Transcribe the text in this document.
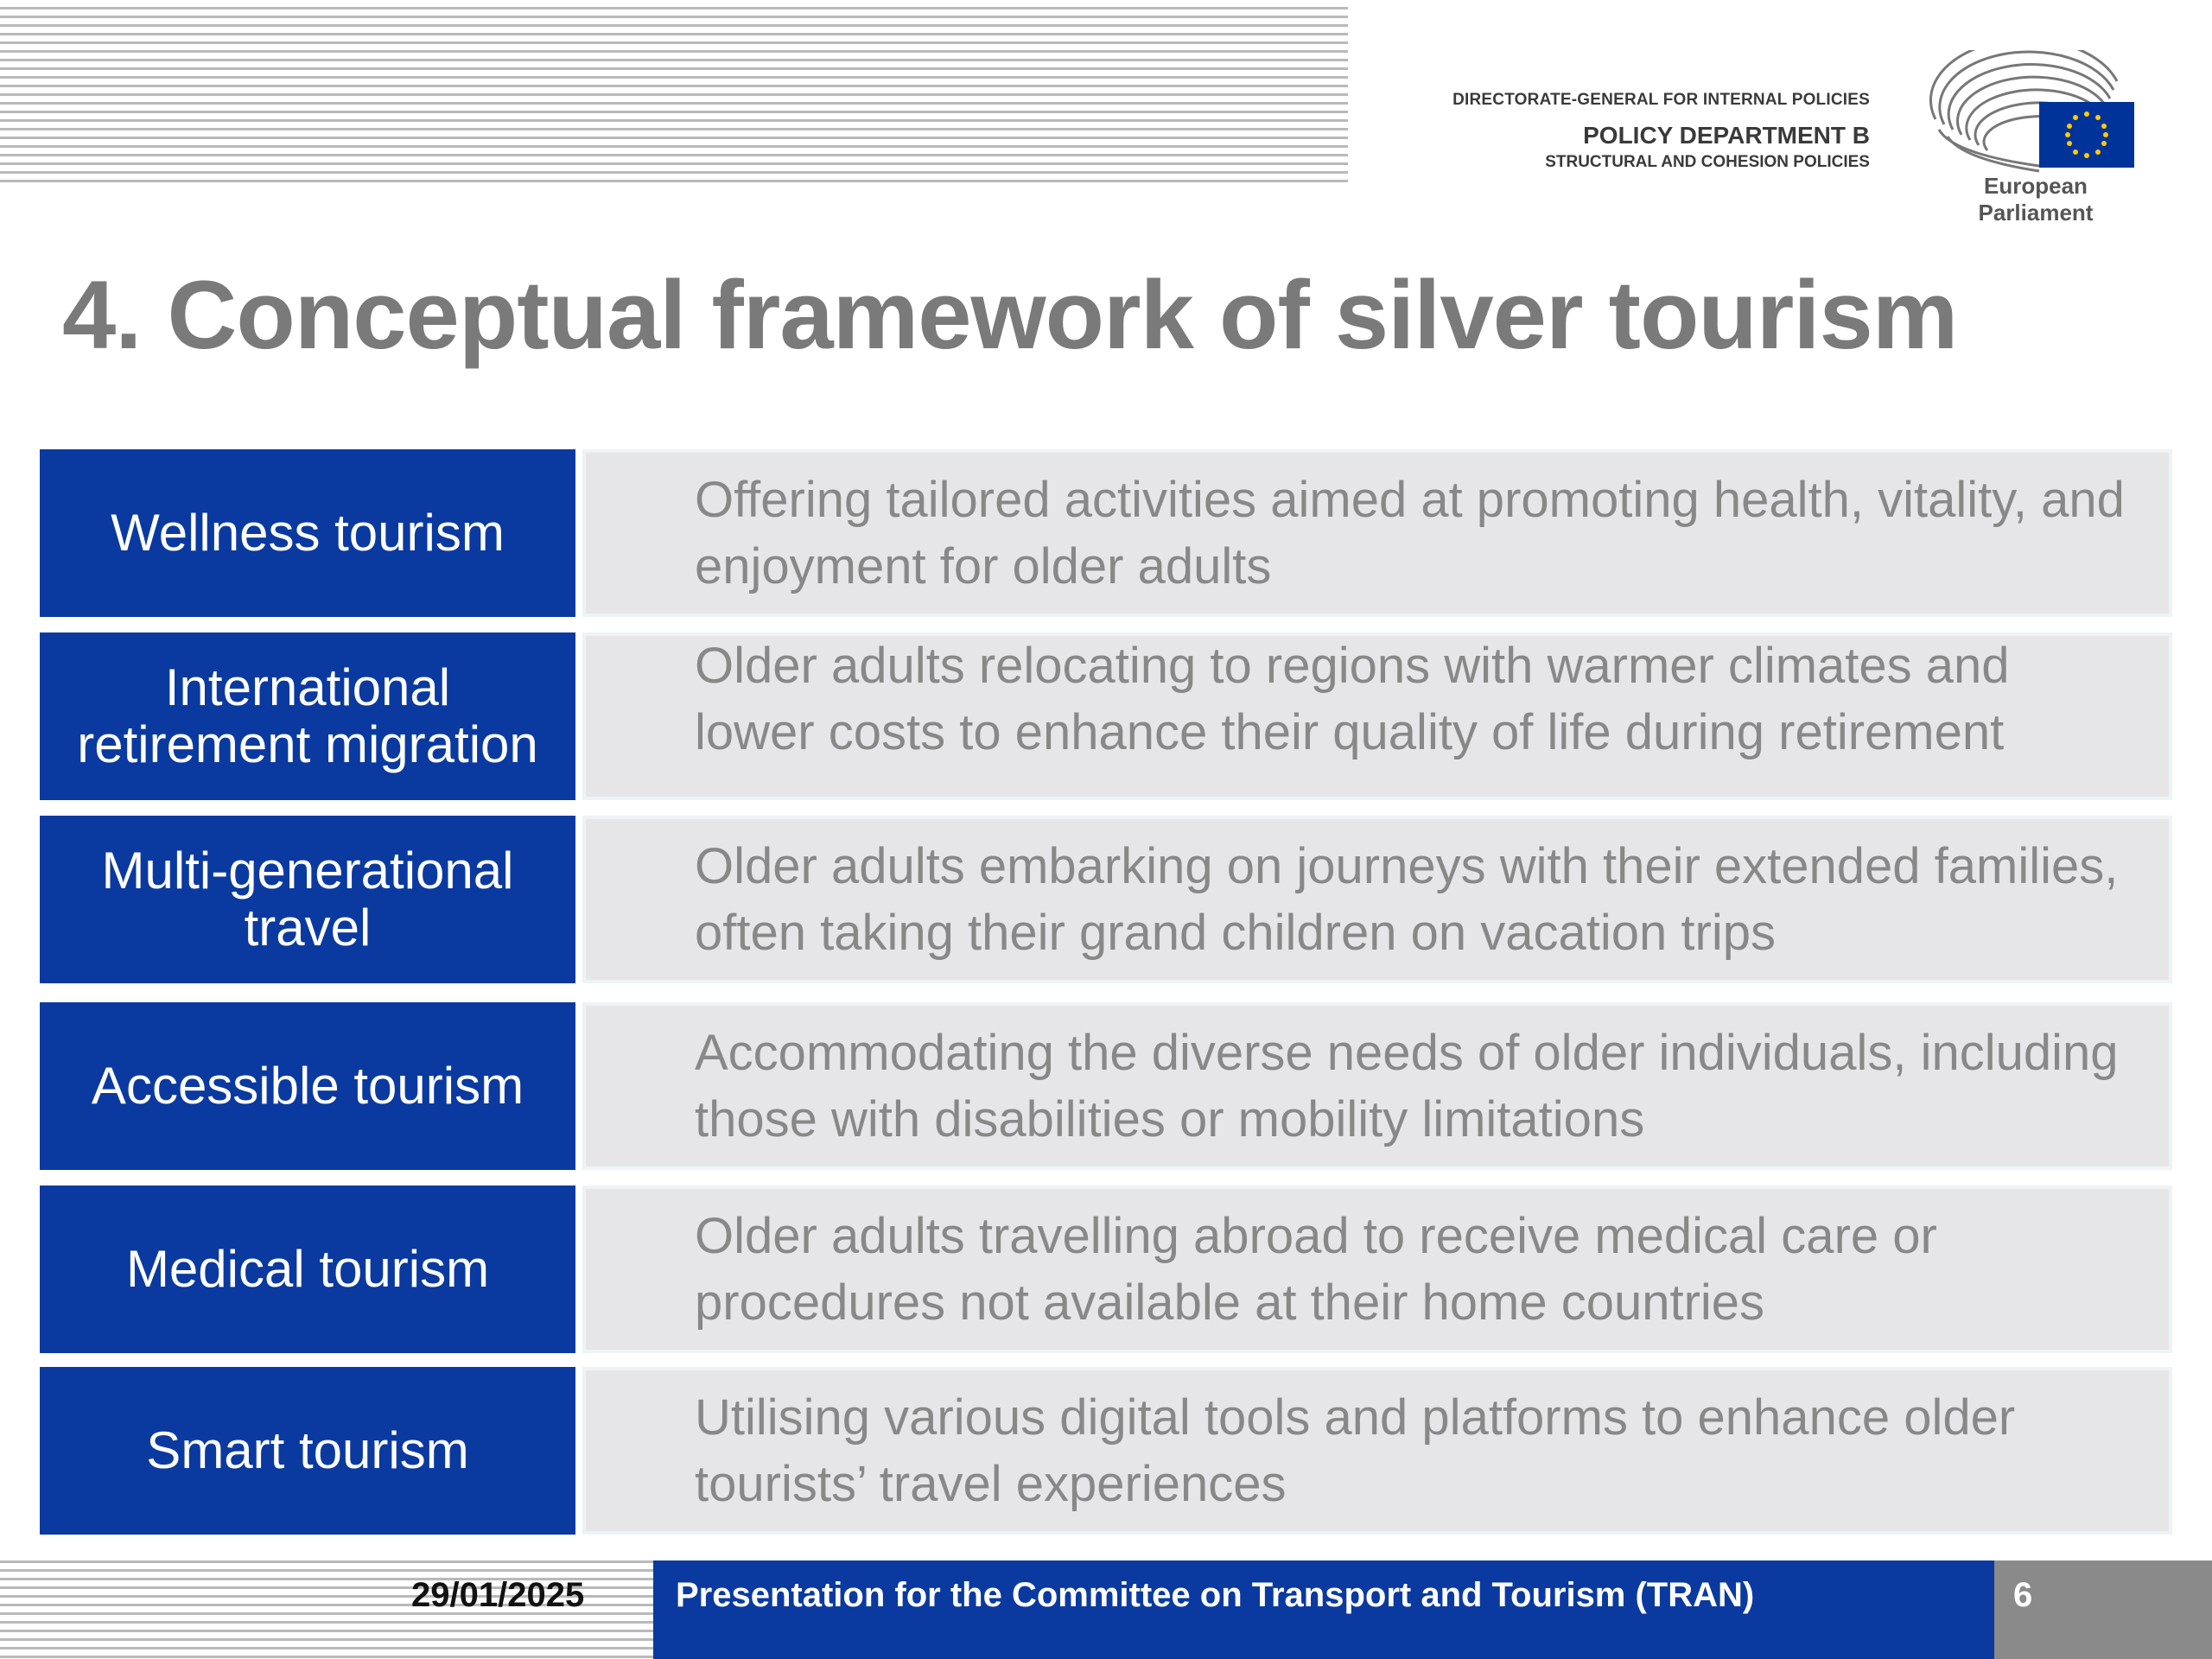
DIRECTORATE-GENERAL FOR INTERNAL POLICIES
POLICY DEPARTMENT B
STRUCTURAL AND COHESION POLICIES
European Parliament
4. Conceptual framework of silver tourism
Wellness tourism
Offering tailored activities aimed at promoting health, vitality, and enjoyment for older adults
International retirement migration
Older adults relocating to regions with warmer climates and lower costs to enhance their quality of life during retirement
Multi-generational travel
Older adults embarking on journeys with their extended families, often taking their grand children on vacation trips
Accessible tourism
Accommodating the diverse needs of older individuals, including those with disabilities or mobility limitations
Medical tourism
Older adults travelling abroad to receive medical care or procedures not available at their home countries
Smart tourism
Utilising various digital tools and platforms to enhance older tourists’ travel experiences
29/01/2025	Presentation for the Committee on Transport and Tourism (TRAN)	6
